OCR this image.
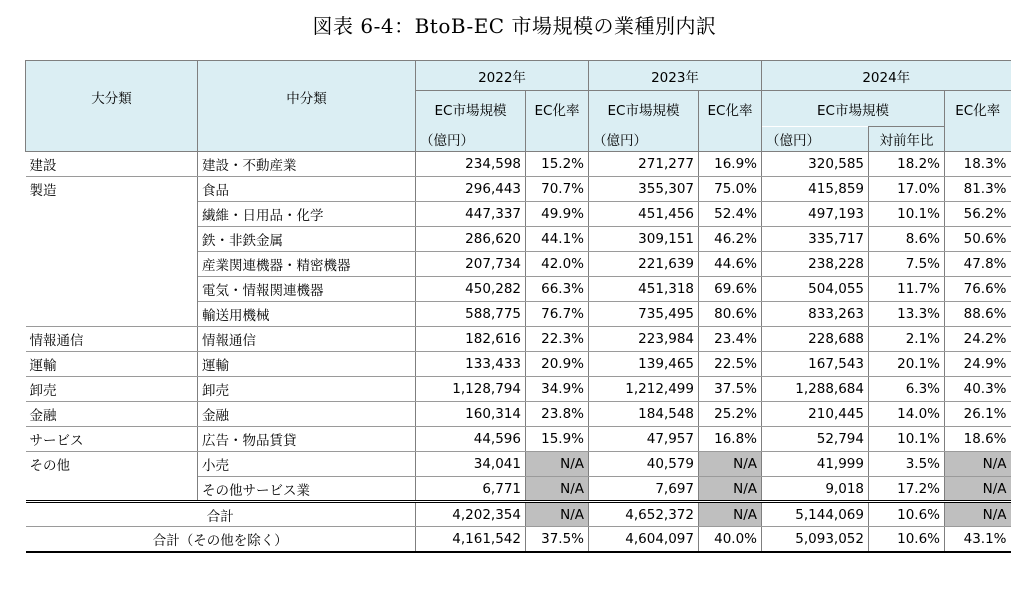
図表 6-4：BtoB-EC 市場規模の業種別内訳
大分類	中分類	2022年		2023年		2024年		
		EC市場規模	EC化率	EC市場規模	EC化率	EC市場規模		EC化率
		（億円）		（億円）		（億円）	対前年比	
建設	建設・不動産業	234,598	15.2%	271,277	16.9%	320,585	18.2%	18.3%
製造	食品	296,443	70.7%	355,307	75.0%	415,859	17.0%	81.3%
	繊維・日用品・化学	447,337	49.9%	451,456	52.4%	497,193	10.1%	56.2%
	鉄・非鉄金属	286,620	44.1%	309,151	46.2%	335,717	8.6%	50.6%
	産業関連機器・精密機器	207,734	42.0%	221,639	44.6%	238,228	7.5%	47.8%
	電気・情報関連機器	450,282	66.3%	451,318	69.6%	504,055	11.7%	76.6%
	輸送用機械	588,775	76.7%	735,495	80.6%	833,263	13.3%	88.6%
情報通信	情報通信	182,616	22.3%	223,984	23.4%	228,688	2.1%	24.2%
運輸	運輸	133,433	20.9%	139,465	22.5%	167,543	20.1%	24.9%
卸売	卸売	1,128,794	34.9%	1,212,499	37.5%	1,288,684	6.3%	40.3%
金融	金融	160,314	23.8%	184,548	25.2%	210,445	14.0%	26.1%
サービス	広告・物品賃貸	44,596	15.9%	47,957	16.8%	52,794	10.1%	18.6%
その他	小売	34,041	N/A	40,579	N/A	41,999	3.5%	N/A
	その他サービス業	6,771	N/A	7,697	N/A	9,018	17.2%	N/A
合計		4,202,354	N/A	4,652,372	N/A	5,144,069	10.6%	N/A
合計（その他を除く）		4,161,542	37.5%	4,604,097	40.0%	5,093,052	10.6%	43.1%
